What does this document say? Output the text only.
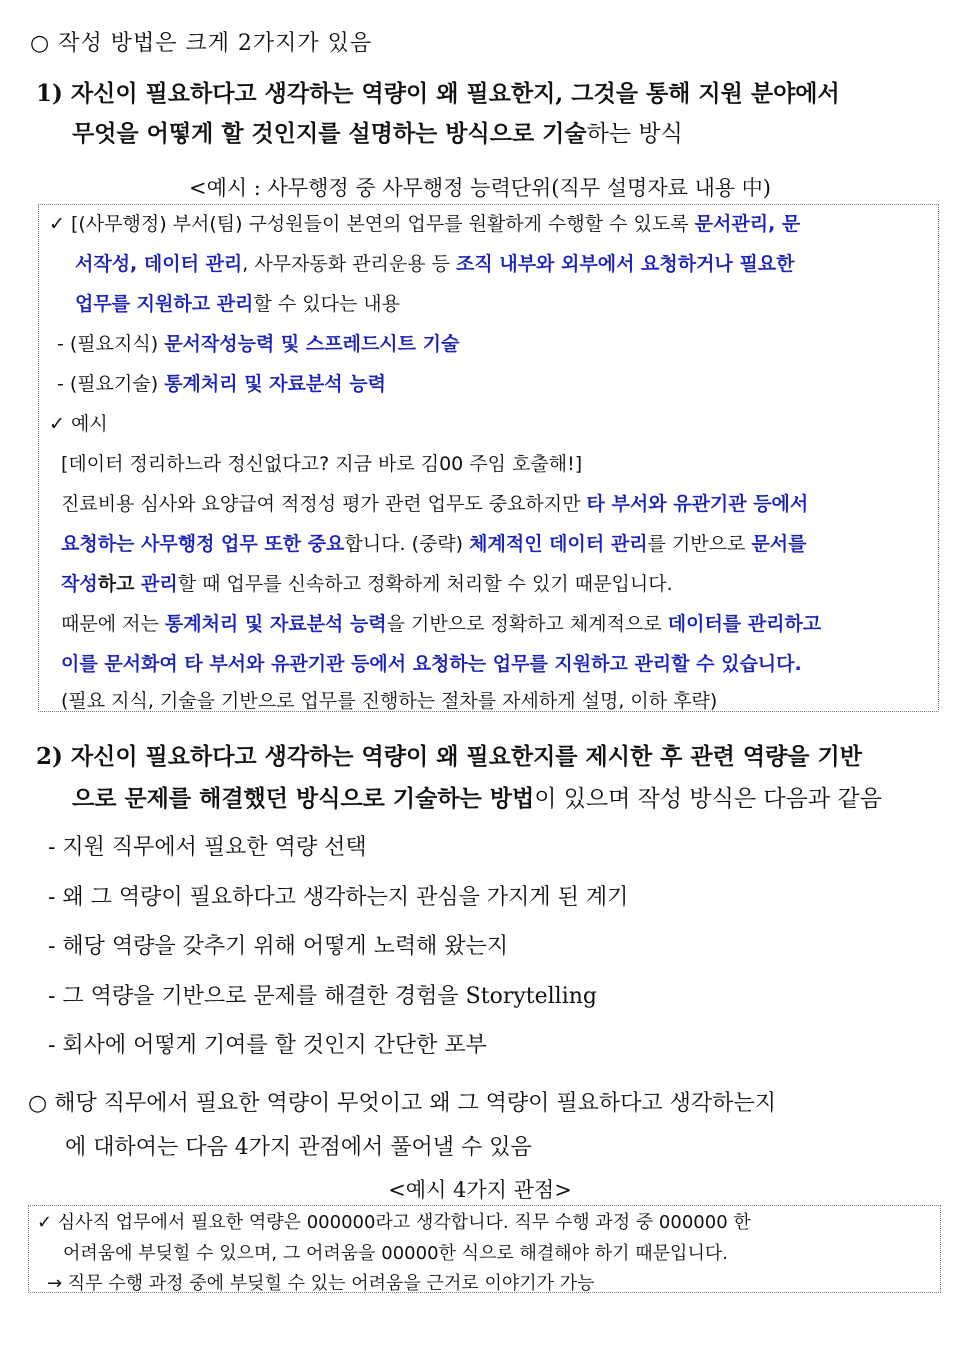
○ 작성 방법은 크게 2가지가 있음
1) 자신이 필요하다고 생각하는 역량이 왜 필요한지, 그것을 통해 지원 분야에서
무엇을 어떻게 할 것인지를 설명하는 방식으로 기술하는 방식
<예시 : 사무행정 중 사무행정 능력단위(직무 설명자료 내용 中)
✓ [(사무행정) 부서(팀) 구성원들이 본연의 업무를 원활하게 수행할 수 있도록 문서관리, 문
서작성, 데이터 관리, 사무자동화 관리운용 등 조직 내부와 외부에서 요청하거나 필요한
업무를 지원하고 관리할 수 있다는 내용
- (필요지식) 문서작성능력 및 스프레드시트 기술
- (필요기술) 통계처리 및 자료분석 능력
✓ 예시
[데이터 정리하느라 정신없다고? 지금 바로 김00 주임 호출해!]
진료비용 심사와 요양급여 적정성 평가 관련 업무도 중요하지만 타 부서와 유관기관 등에서
요청하는 사무행정 업무 또한 중요합니다. (중략) 체계적인 데이터 관리를 기반으로 문서를
작성하고 관리할 때 업무를 신속하고 정확하게 처리할 수 있기 때문입니다.
때문에 저는 통계처리 및 자료분석 능력을 기반으로 정확하고 체계적으로 데이터를 관리하고
이를 문서화여 타 부서와 유관기관 등에서 요청하는 업무를 지원하고 관리할 수 있습니다.
(필요 지식, 기술을 기반으로 업무를 진행하는 절차를 자세하게 설명, 이하 후략)
2) 자신이 필요하다고 생각하는 역량이 왜 필요한지를 제시한 후 관련 역량을 기반
으로 문제를 해결했던 방식으로 기술하는 방법이 있으며 작성 방식은 다음과 같음
- 지원 직무에서 필요한 역량 선택
- 왜 그 역량이 필요하다고 생각하는지 관심을 가지게 된 계기
- 해당 역량을 갖추기 위해 어떻게 노력해 왔는지
- 그 역량을 기반으로 문제를 해결한 경험을 Storytelling
- 회사에 어떻게 기여를 할 것인지 간단한 포부
○ 해당 직무에서 필요한 역량이 무엇이고 왜 그 역량이 필요하다고 생각하는지
에 대하여는 다음 4가지 관점에서 풀어낼 수 있음
<예시 4가지 관점>
✓ 심사직 업무에서 필요한 역량은 000000라고 생각합니다. 직무 수행 과정 중 000000 한
어려움에 부딪힐 수 있으며, 그 어려움을 00000한 식으로 해결해야 하기 때문입니다.
→ 직무 수행 과정 중에 부딪힐 수 있는 어려움을 근거로 이야기가 가능
